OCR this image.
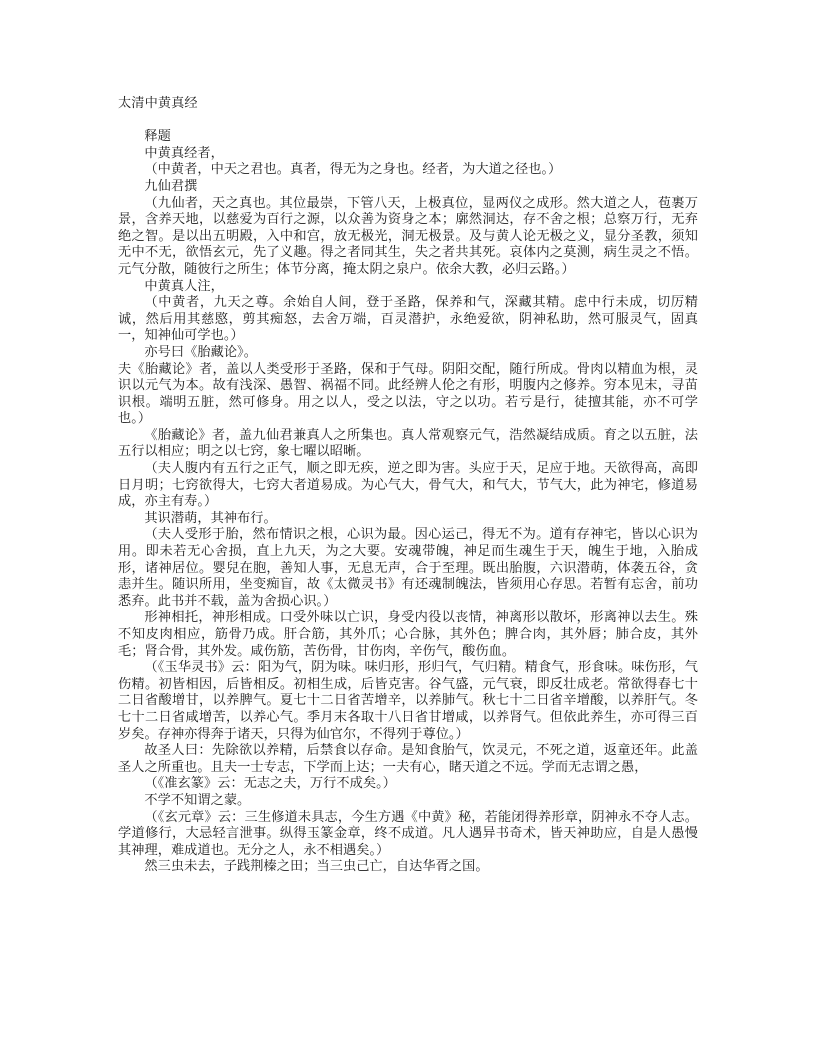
太清中黄真经

释题

中黄真经者，

（中黄者，中天之君也。真者，得无为之身也。经者，为大道之径也。）

九仙君撰

（九仙者，天之真也。其位最崇，下管八天，上极真位，显两仪之成形。然大道之人，苞裹万景，含养天地，以慈爱为百行之源，以众善为资身之本；廓然洞达，存不舍之根；总察万行，无弃绝之智。是以出五明殿，入中和宫，放无极光，洞无极景。及与黄人论无极之义，显分圣教，须知无中不无，欲悟玄元，先了义趣。得之者同其生，失之者共其死。哀体内之莫测，病生灵之不悟。元气分散，随彼行之所生；体节分离，掩太阴之泉户。依余大教，必归云路。）

中黄真人注，

（中黄者，九天之尊。余始自人间，登于圣路，保养和气，深藏其精。虑中行未成，切厉精诚，然后用其慈愍，剪其痴怒，去舍万端，百灵潜护，永绝爱欲，阴神私助，然可服灵气，固真一，知神仙可学也。）

亦号曰《胎藏论》。

夫《胎藏论》者，盖以人类受形于圣路，保和于气母。阴阳交配，随行所成。骨肉以精血为根，灵识以元气为本。故有浅深、愚智、祸福不同。此经辨人伦之有形，明腹内之修养。穷本见末，寻苗识根。端明五脏，然可修身。用之以人，受之以法，守之以功。若亏是行，徒擅其能，亦不可学也。）

《胎藏论》者，盖九仙君兼真人之所集也。真人常观察元气，浩然凝结成质。育之以五脏，法五行以相应；明之以七窍，象七曜以昭晰。

（夫人腹内有五行之正气，顺之即无疾，逆之即为害。头应于天，足应于地。天欲得高，高即日月明；七窍欲得大，七窍大者道易成。为心气大，骨气大，和气大，节气大，此为神宅，修道易成，亦主有寿。）

其识潜萌，其神布行。

（夫人受形于胎，然布情识之根，心识为最。因心运己，得无不为。道有存神宅，皆以心识为用。即未若无心舍损，直上九天，为之大要。安魂带魄，神足而生魂生于天，魄生于地，入胎成形，诸神居位。婴兒在胞，善知人事，无息无声，合于至理。既出胎腹，六识潜萌，体袭五谷，贪恚并生。随识所用，坐变痴盲，故《太微灵书》有还魂制魄法，皆须用心存思。若暂有忘舍，前功悉弃。此书并不载，盖为舍损心识。）

形神相托，神形相成。口受外味以亡识，身受内役以丧情，神离形以散坏，形离神以去生。殊不知皮肉相应，筋骨乃成。肝合筋，其外爪；心合脉，其外色；脾合肉，其外唇；肺合皮，其外毛；肾合骨，其外发。咸伤筋，苦伤骨，甘伤肉，辛伤气，酸伤血。

（《玉华灵书》云：阳为气，阴为味。味归形，形归气，气归精。精食气，形食味。味伤形，气伤精。初皆相因，后皆相反。初相生成，后皆克害。谷气盛，元气衰，即反壮成老。常欲得春七十二日省酸增甘，以养脾气。夏七十二日省苦增辛，以养肺气。秋七十二日省辛增酸，以养肝气。冬七十二日省咸增苦，以养心气。季月末各取十八日省甘增咸，以养肾气。但依此养生，亦可得三百岁矣。存神亦得奔于诸天，只得为仙官尔，不得列于尊位。）

故圣人曰：先除欲以养精，后禁食以存命。是知食胎气，饮灵元，不死之道，返童还年。此盖圣人之所重也。且夫一士专志，下学而上达；一夫有心，睹天道之不远。学而无志谓之愚，

（《准玄篆》云：无志之夫，万行不成矣。）

不学不知谓之蒙。

（《玄元章》云：三生修道未具志，今生方遇《中黄》秘，若能闭得养形章，阴神永不夺人志。学道修行，大忌轻言泄事。纵得玉篆金章，终不成道。凡人遇异书奇术，皆天神助应，自是人愚慢其神理，难成道也。无分之人，永不相遇矣。）

然三虫未去，子践荆榛之田；当三虫己亡，自达华胥之国。
